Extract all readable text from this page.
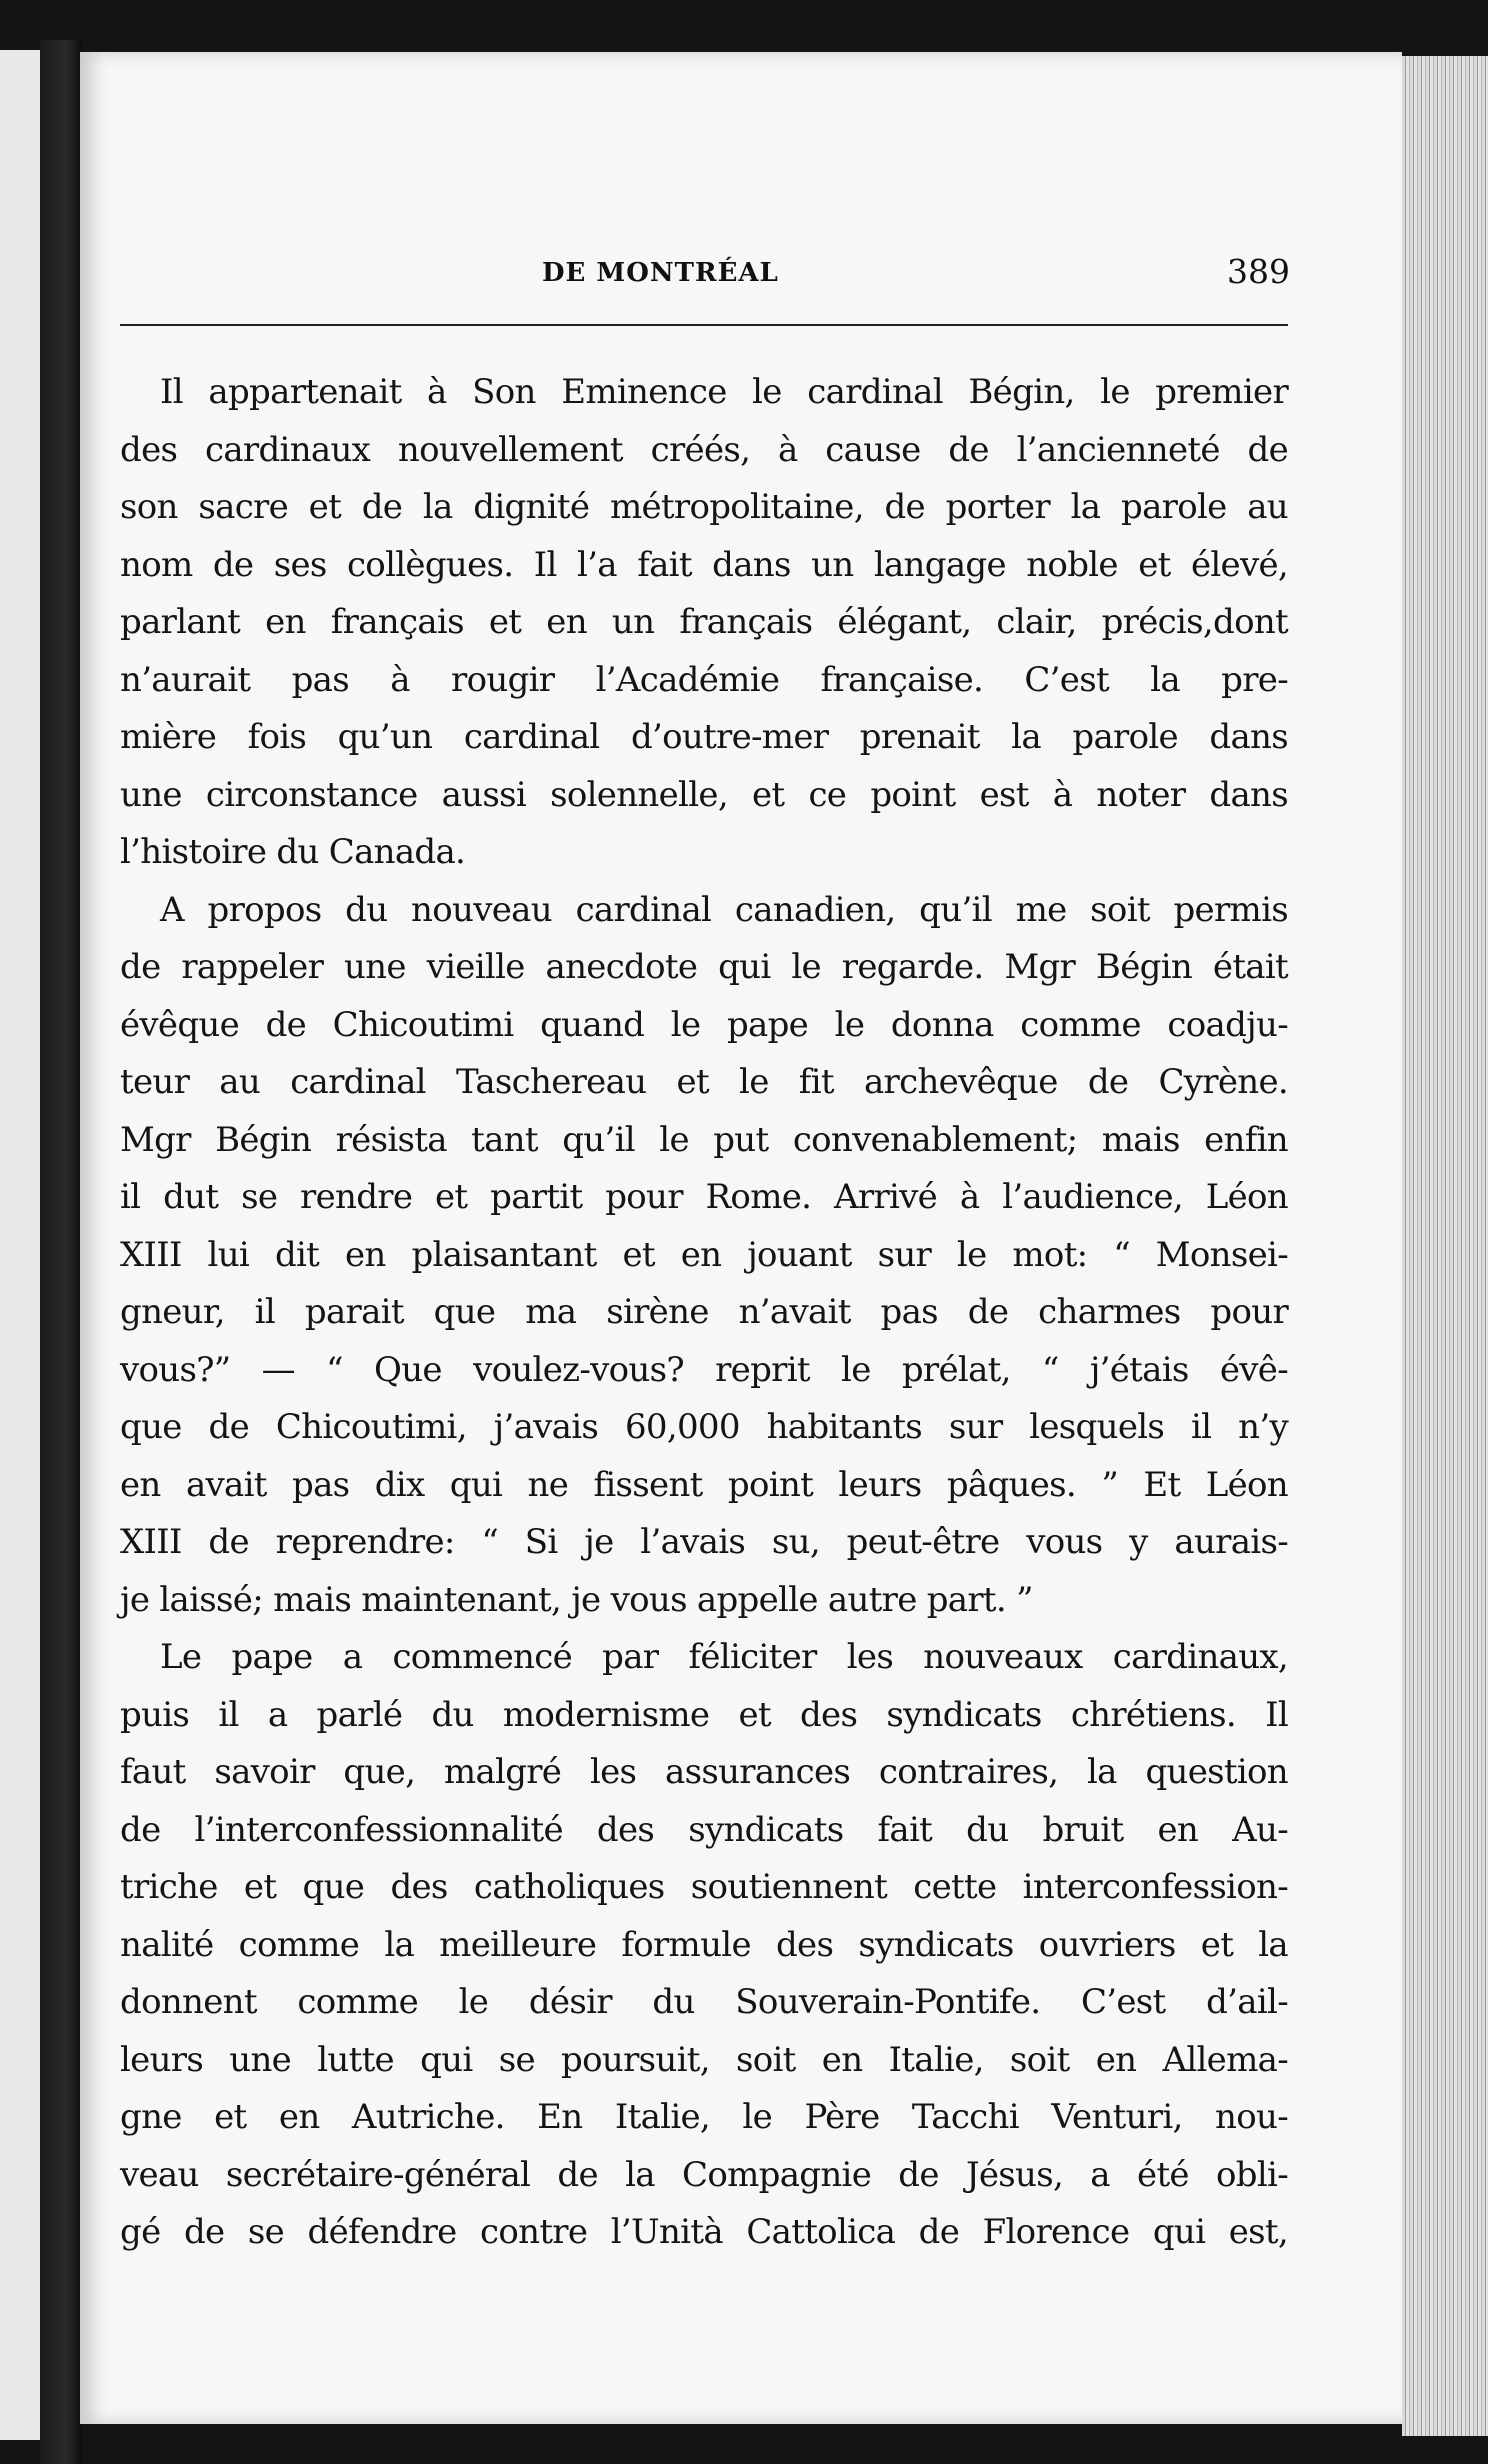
DE MONTRÉAL	389
Il appartenait à Son Eminence le cardinal Bégin, le premier
des cardinaux nouvellement créés, à cause de l’ancienneté de
son sacre et de la dignité métropolitaine, de porter la parole au
nom de ses collègues. Il l’a fait dans un langage noble et élevé,
parlant en français et en un français élégant, clair, précis,dont
n’aurait pas à rougir l’Académie française. C’est la pre-
mière fois qu’un cardinal d’outre-mer prenait la parole dans
une circonstance aussi solennelle, et ce point est à noter dans
l’histoire du Canada.
A propos du nouveau cardinal canadien, qu’il me soit permis
de rappeler une vieille anecdote qui le regarde. Mgr Bégin était
évêque de Chicoutimi quand le pape le donna comme coadju-
teur au cardinal Taschereau et le fit archevêque de Cyrène.
Mgr Bégin résista tant qu’il le put convenablement; mais enfin
il dut se rendre et partit pour Rome. Arrivé à l’audience, Léon
XIII lui dit en plaisantant et en jouant sur le mot: “ Monsei-
gneur, il parait que ma sirène n’avait pas de charmes pour
vous?” — “ Que voulez-vous? reprit le prélat, “ j’étais évê-
que de Chicoutimi, j’avais 60,000 habitants sur lesquels il n’y
en avait pas dix qui ne fissent point leurs pâques. ” Et Léon
XIII de reprendre: “ Si je l’avais su, peut-être vous y aurais-
je laissé; mais maintenant, je vous appelle autre part. ”
Le pape a commencé par féliciter les nouveaux cardinaux,
puis il a parlé du modernisme et des syndicats chrétiens. Il
faut savoir que, malgré les assurances contraires, la question
de l’interconfessionnalité des syndicats fait du bruit en Au-
triche et que des catholiques soutiennent cette interconfession-
nalité comme la meilleure formule des syndicats ouvriers et la
donnent comme le désir du Souverain-Pontife. C’est d’ail-
leurs une lutte qui se poursuit, soit en Italie, soit en Allema-
gne et en Autriche. En Italie, le Père Tacchi Venturi, nou-
veau secrétaire-général de la Compagnie de Jésus, a été obli-
gé de se défendre contre l’Unità Cattolica de Florence qui est,
